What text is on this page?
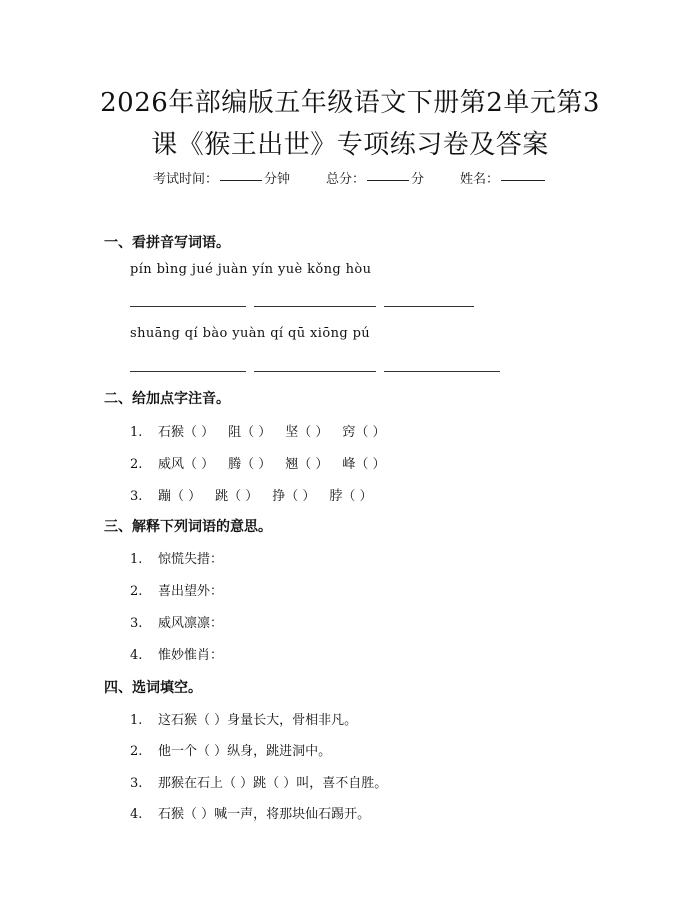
2026年部编版五年级语文下册第2单元第3
课《猴王出世》专项练习卷及答案
考试时间：	分钟	总分：	分	姓名：
一、看拼音写词语。
pín bìng jué juàn yín yuè kǒng hòu
shuāng qí bào yuàn qí qū xiōng pú
二、给加点字注音。
1.	石猴（ ） 阻（ ） 坚（ ） 窍（ ）
2.	威风（ ） 腾（ ） 翘（ ） 峰（ ）
3.	蹦（ ） 跳（ ） 挣（ ） 脖（ ）
三、解释下列词语的意思。
1.	惊慌失措：
2.	喜出望外：
3.	威风凛凛：
4.	惟妙惟肖：
四、选词填空。
1.	这石猴（ ）身量长大，骨相非凡。
2.	他一个（ ）纵身，跳进洞中。
3.	那猴在石上（ ）跳（ ）叫，喜不自胜。
4.	石猴（ ）喊一声，将那块仙石踢开。
